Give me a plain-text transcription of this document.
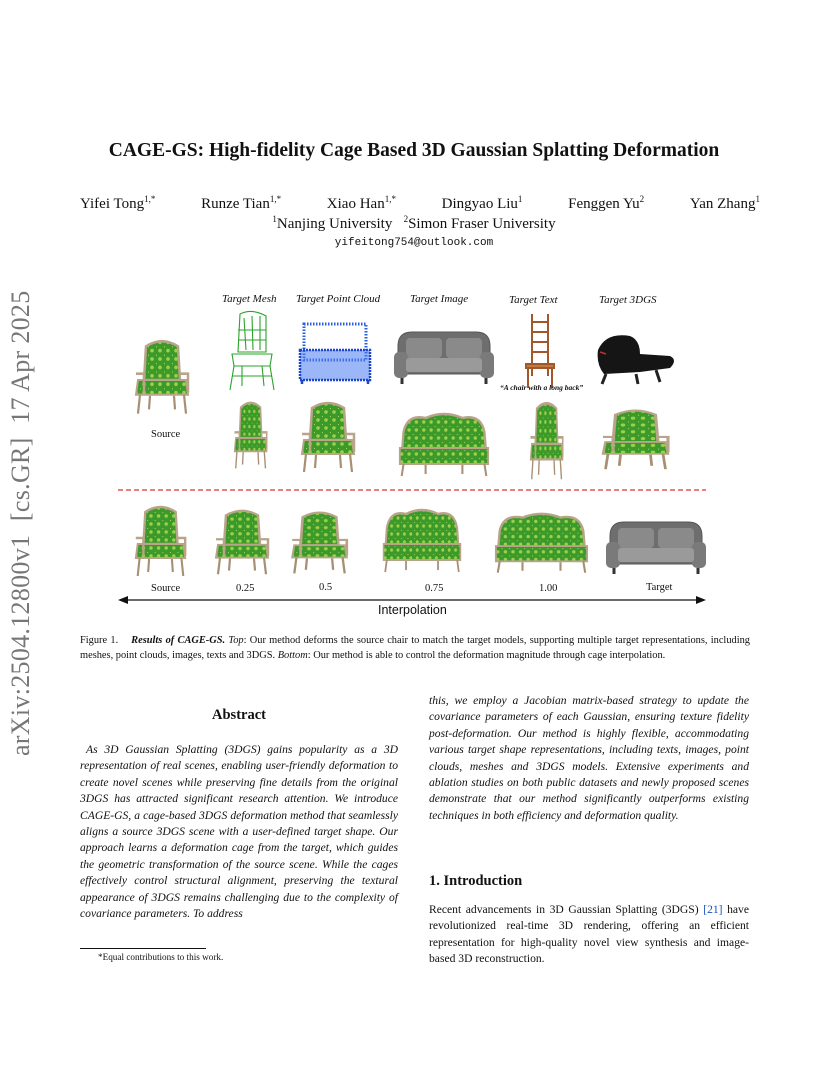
arXiv:2504.12800v1  [cs.GR]  17 Apr 2025
CAGE-GS: High-fidelity Cage Based 3D Gaussian Splatting Deformation
Yifei Tong$^{1,*}$	Runze Tian$^{1,*}$	Xiao Han$^{1,*}$	Dingyao Liu$^1$	Fenggen Yu$^2$	Yan Zhang$^1$
$^1$Nanjing University $^2$Simon Fraser University
yifeitong754@outlook.com
Target Mesh Target Point Cloud	Target Image	Target Text	Target 3DGS
“A chair with a long back”
Source
Source	0.25	0.5	0.75	1.00	Target
Interpolation
Figure 1. Results of CAGE-GS. Top: Our method deforms the source chair to match the target models, supporting multiple target representations, including meshes, point clouds, images, texts and 3DGS. Bottom: Our method is able to control the deformation magnitude through cage interpolation.
Abstract
As 3D Gaussian Splatting (3DGS) gains popularity as a 3D representation of real scenes, enabling user-friendly deformation to create novel scenes while preserving fine details from the original 3DGS has attracted significant research attention. We introduce CAGE-GS, a cage-based 3DGS deformation method that seamlessly aligns a source 3DGS scene with a user-defined target shape. Our approach learns a deformation cage from the target, which guides the geometric transformation of the source scene. While the cages effectively control structural alignment, preserving the textural appearance of 3DGS remains challenging due to the complexity of covariance parameters. To address
*Equal contributions to this work.
this, we employ a Jacobian matrix-based strategy to update the covariance parameters of each Gaussian, ensuring texture fidelity post-deformation. Our method is highly flexible, accommodating various target shape representations, including texts, images, point clouds, meshes and 3DGS models. Extensive experiments and ablation studies on both public datasets and newly proposed scenes demonstrate that our method significantly outperforms existing techniques in both efficiency and deformation quality.
1. Introduction
Recent advancements in 3D Gaussian Splatting (3DGS) [21] have revolutionized real-time 3D rendering, offering an efficient representation for high-quality novel view synthesis and image-based 3D reconstruction.
